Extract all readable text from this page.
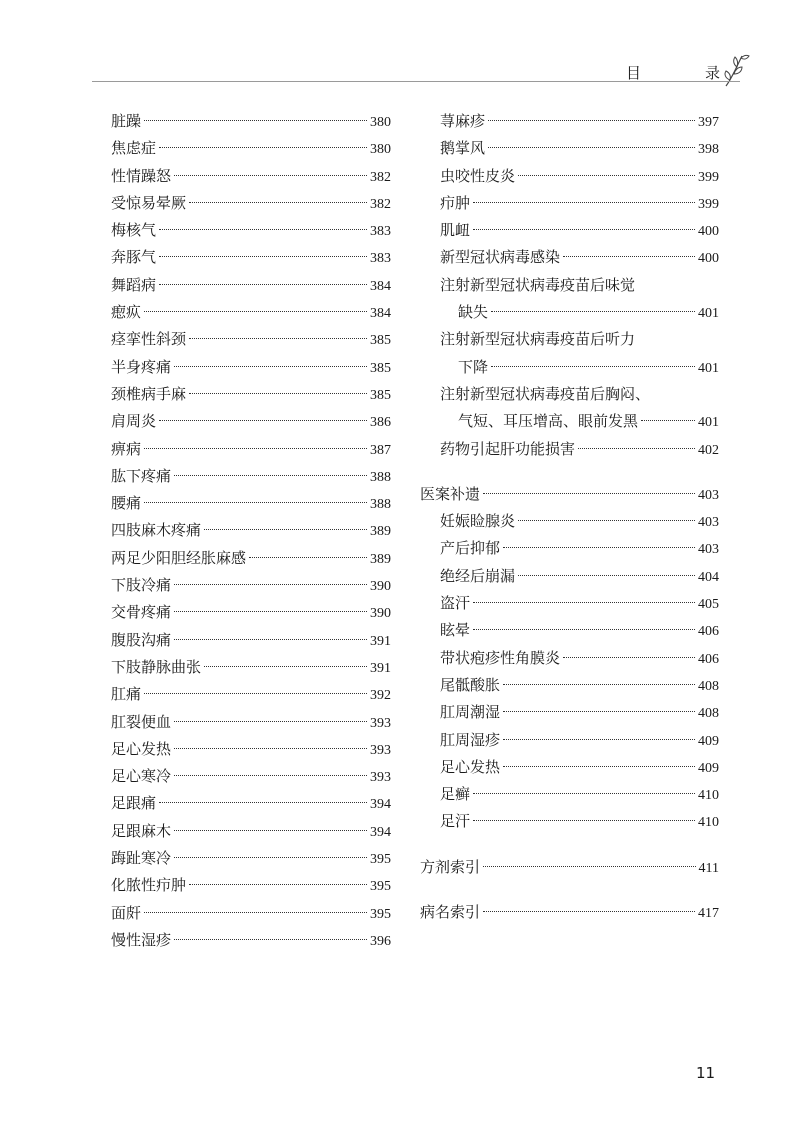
目	录
脏躁	380
焦虑症	380
性情躁怒	382
受惊易晕厥	382
梅核气	383
奔豚气	383
舞蹈病	384
瘛疭	384
痉挛性斜颈	385
半身疼痛	385
颈椎病手麻	385
肩周炎	386
痹病	387
肱下疼痛	388
腰痛	388
四肢麻木疼痛	389
两足少阳胆经胀麻感	389
下肢冷痛	390
交骨疼痛	390
腹股沟痛	391
下肢静脉曲张	391
肛痛	392
肛裂便血	393
足心发热	393
足心寒冷	393
足跟痛	394
足跟麻木	394
踇趾寒冷	395
化脓性疖肿	395
面皯	395
慢性湿疹	396
荨麻疹	397
鹅掌风	398
虫咬性皮炎	399
疖肿	399
肌衄	400
新型冠状病毒感染	400
注射新型冠状病毒疫苗后味觉
缺失	401
注射新型冠状病毒疫苗后听力
下降	401
注射新型冠状病毒疫苗后胸闷、
气短、耳压增高、眼前发黑	401
药物引起肝功能损害	402
医案补遗	403
妊娠睑腺炎	403
产后抑郁	403
绝经后崩漏	404
盗汗	405
眩晕	406
带状疱疹性角膜炎	406
尾骶酸胀	408
肛周潮湿	408
肛周湿疹	409
足心发热	409
足癣	410
足汗	410
方剂索引	411
病名索引	417
11
